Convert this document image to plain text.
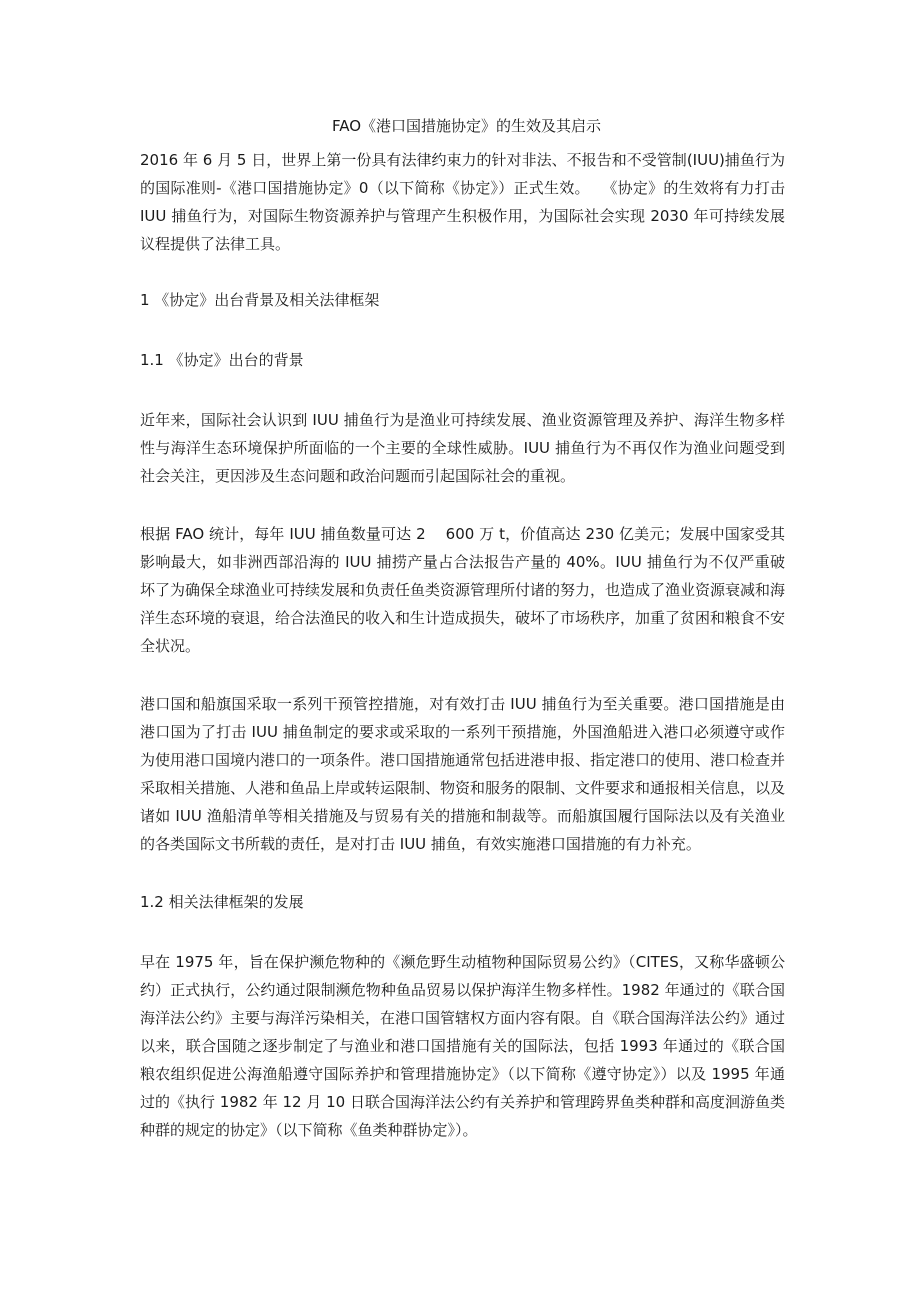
FAO《港口国措施协定》的生效及其启示

2016 年 6 月 5 日，世界上第一份具有法律约束力的针对非法、不报告和不受管制(IUU)捕鱼行为的国际准则-《港口国措施协定》0（以下简称《协定》）正式生效。　 《协定》的生效将有力打击 IUU 捕鱼行为，对国际生物资源养护与管理产生积极作用，为国际社会实现 2030 年可持续发展议程提供了法律工具。

1 《协定》出台背景及相关法律框架
1.1 《协定》出台的背景

近年来，国际社会认识到 IUU 捕鱼行为是渔业可持续发展、渔业资源管理及养护、海洋生物多样性与海洋生态环境保护所面临的一个主要的全球性威胁。IUU 捕鱼行为不再仅作为渔业问题受到社会关注，更因涉及生态问题和政治问题而引起国际社会的重视。

根据 FAO 统计，每年 IUU 捕鱼数量可达 2　 600 万 t，价值高达 230 亿美元；发展中国家受其影响最大，如非洲西部沿海的 IUU 捕捞产量占合法报告产量的 40%。IUU 捕鱼行为不仅严重破坏了为确保全球渔业可持续发展和负责任鱼类资源管理所付诸的努力，也造成了渔业资源衰减和海洋生态环境的衰退，给合法渔民的收入和生计造成损失，破坏了市场秩序，加重了贫困和粮食不安全状况。

港口国和船旗国采取一系列干预管控措施，对有效打击 IUU 捕鱼行为至关重要。港口国措施是由港口国为了打击 IUU 捕鱼制定的要求或采取的一系列干预措施，外国渔船进入港口必须遵守或作为使用港口国境内港口的一项条件。港口国措施通常包括进港申报、指定港口的使用、港口检查并采取相关措施、人港和鱼品上岸或转运限制、物资和服务的限制、文件要求和通报相关信息，以及诸如 IUU 渔船清单等相关措施及与贸易有关的措施和制裁等。而船旗国履行国际法以及有关渔业的各类国际文书所载的责任，是对打击 IUU 捕鱼，有效实施港口国措施的有力补充。

1.2 相关法律框架的发展

早在 1975 年，旨在保护濒危物种的《濒危野生动植物种国际贸易公约》（CITES，又称华盛顿公约）正式执行，公约通过限制濒危物种鱼品贸易以保护海洋生物多样性。1982 年通过的《联合国海洋法公约》主要与海洋污染相关，在港口国管辖权方面内容有限。自《联合国海洋法公约》通过以来，联合国随之逐步制定了与渔业和港口国措施有关的国际法，包括 1993 年通过的《联合国粮农组织促进公海渔船遵守国际养护和管理措施协定》（以下简称《遵守协定》）以及 1995 年通过的《执行 1982 年 12 月 10 日联合国海洋法公约有关养护和管理跨界鱼类种群和高度洄游鱼类种群的规定的协定》（以下简称《鱼类种群协定》）。
